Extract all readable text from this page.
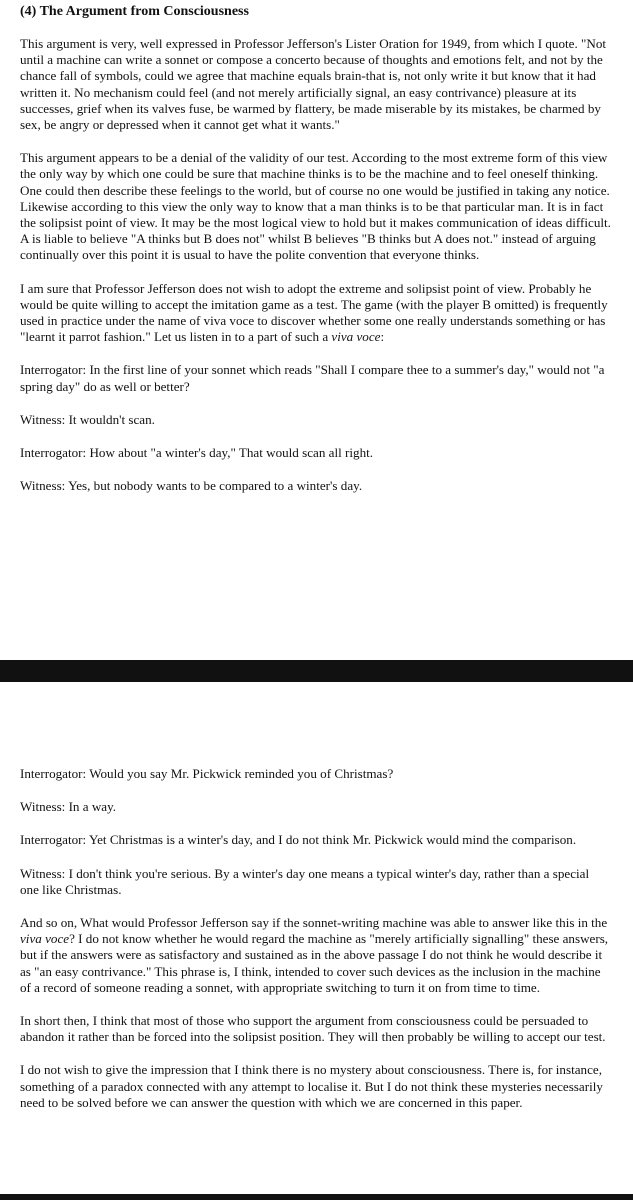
(4) The Argument from Consciousness

This argument is very, well expressed in Professor Jefferson's Lister Oration for 1949, from which I quote. "Not until a machine can write a sonnet or compose a concerto because of thoughts and emotions felt, and not by the chance fall of symbols, could we agree that machine equals brain-that is, not only write it but know that it had written it. No mechanism could feel (and not merely artificially signal, an easy contrivance) pleasure at its successes, grief when its valves fuse, be warmed by flattery, be made miserable by its mistakes, be charmed by sex, be angry or depressed when it cannot get what it wants."

This argument appears to be a denial of the validity of our test. According to the most extreme form of this view the only way by which one could be sure that machine thinks is to be the machine and to feel oneself thinking. One could then describe these feelings to the world, but of course no one would be justified in taking any notice. Likewise according to this view the only way to know that a man thinks is to be that particular man. It is in fact the solipsist point of view. It may be the most logical view to hold but it makes communication of ideas difficult. A is liable to believe "A thinks but B does not" whilst B believes "B thinks but A does not." instead of arguing continually over this point it is usual to have the polite convention that everyone thinks.

I am sure that Professor Jefferson does not wish to adopt the extreme and solipsist point of view. Probably he would be quite willing to accept the imitation game as a test. The game (with the player B omitted) is frequently used in practice under the name of viva voce to discover whether some one really understands something or has "learnt it parrot fashion." Let us listen in to a part of such a viva voce:

Interrogator: In the first line of your sonnet which reads "Shall I compare thee to a summer's day," would not "a spring day" do as well or better?

Witness: It wouldn't scan.

Interrogator: How about "a winter's day," That would scan all right.

Witness: Yes, but nobody wants to be compared to a winter's day.

Interrogator: Would you say Mr. Pickwick reminded you of Christmas?

Witness: In a way.

Interrogator: Yet Christmas is a winter's day, and I do not think Mr. Pickwick would mind the comparison.

Witness: I don't think you're serious. By a winter's day one means a typical winter's day, rather than a special one like Christmas.

And so on, What would Professor Jefferson say if the sonnet-writing machine was able to answer like this in the viva voce? I do not know whether he would regard the machine as "merely artificially signalling" these answers, but if the answers were as satisfactory and sustained as in the above passage I do not think he would describe it as "an easy contrivance." This phrase is, I think, intended to cover such devices as the inclusion in the machine of a record of someone reading a sonnet, with appropriate switching to turn it on from time to time.

In short then, I think that most of those who support the argument from consciousness could be persuaded to abandon it rather than be forced into the solipsist position. They will then probably be willing to accept our test.

I do not wish to give the impression that I think there is no mystery about consciousness. There is, for instance, something of a paradox connected with any attempt to localise it. But I do not think these mysteries necessarily need to be solved before we can answer the question with which we are concerned in this paper.
